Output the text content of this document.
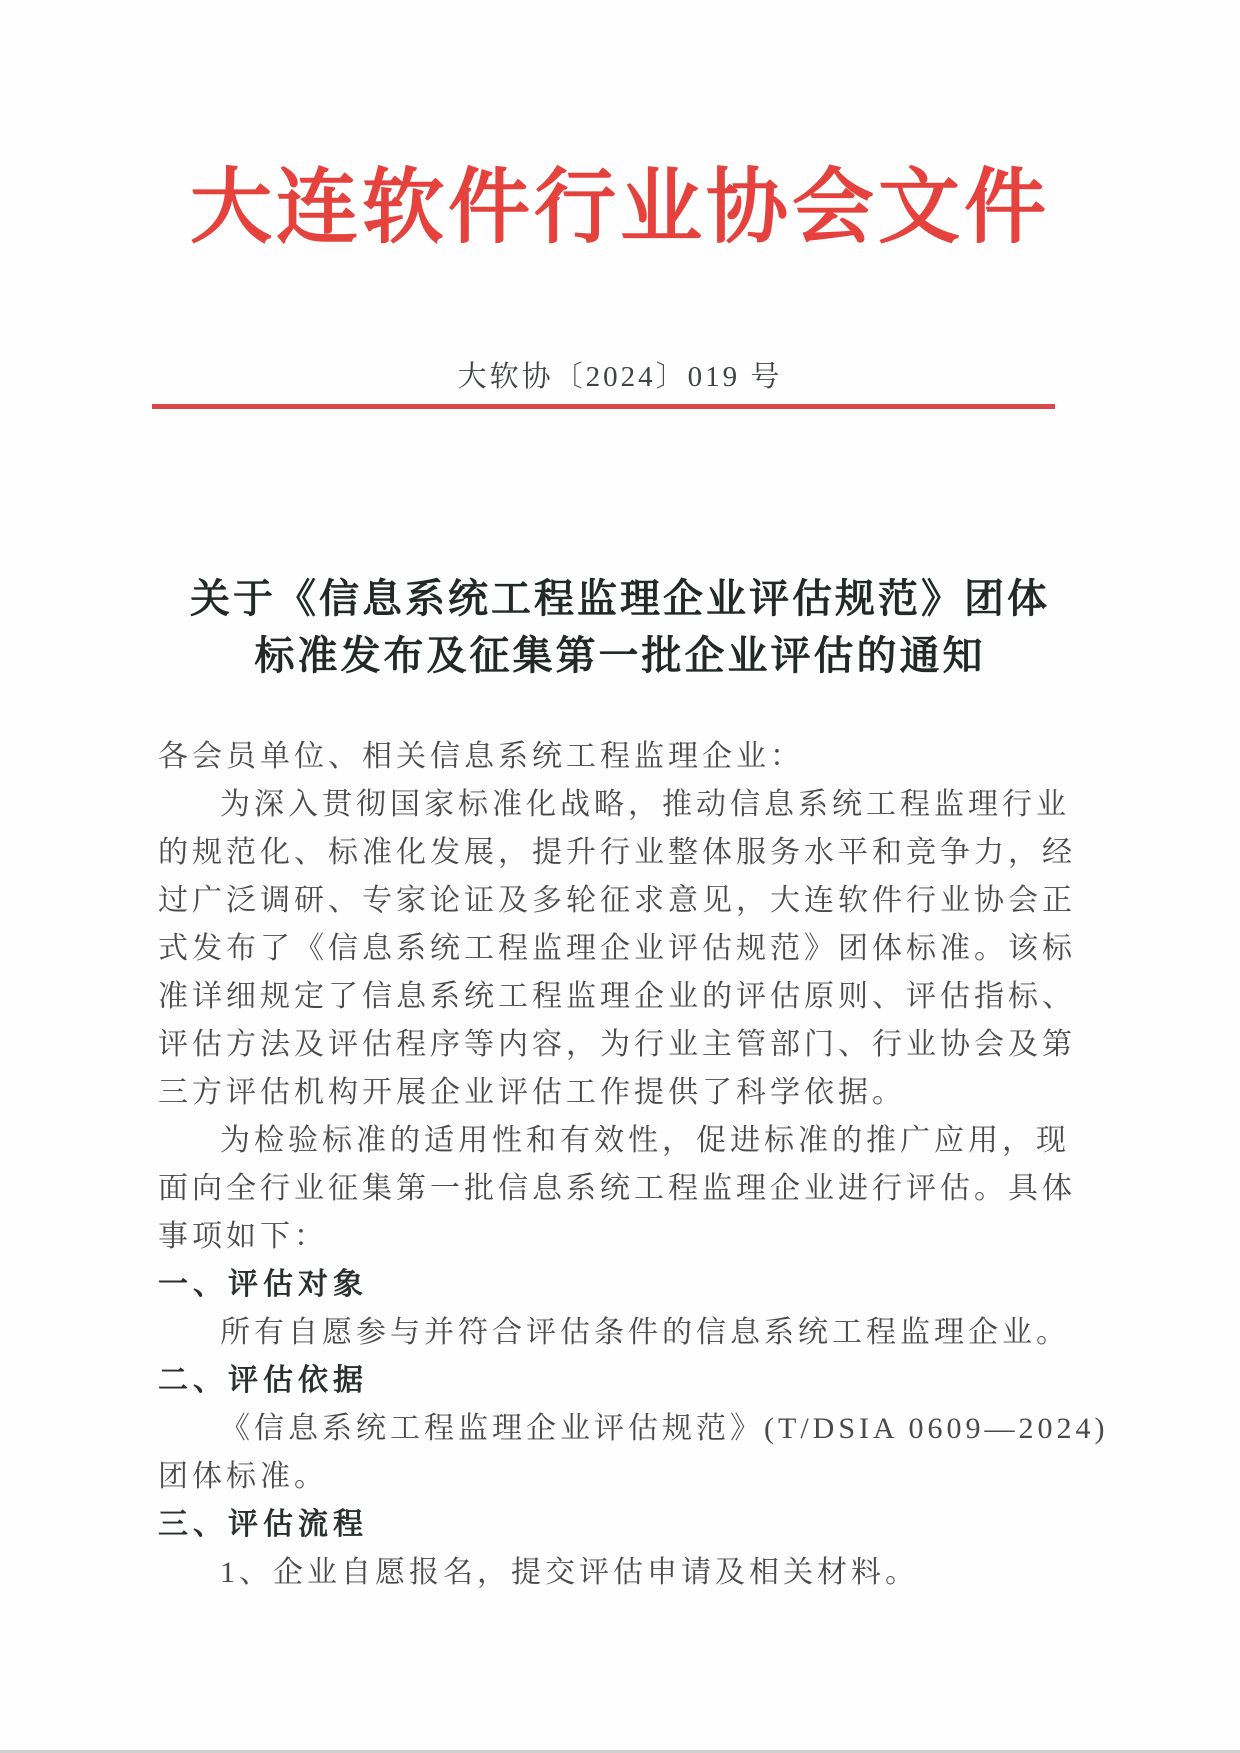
大连软件行业协会文件
大软协〔2024〕019 号
关于《信息系统工程监理企业评估规范》团体
标准发布及征集第一批企业评估的通知
各会员单位、相关信息系统工程监理企业：
为深入贯彻国家标准化战略，推动信息系统工程监理行业
的规范化、标准化发展，提升行业整体服务水平和竞争力，经
过广泛调研、专家论证及多轮征求意见，大连软件行业协会正
式发布了《信息系统工程监理企业评估规范》团体标准。该标
准详细规定了信息系统工程监理企业的评估原则、评估指标、
评估方法及评估程序等内容，为行业主管部门、行业协会及第
三方评估机构开展企业评估工作提供了科学依据。
为检验标准的适用性和有效性，促进标准的推广应用，现
面向全行业征集第一批信息系统工程监理企业进行评估。具体
事项如下：
一、评估对象
所有自愿参与并符合评估条件的信息系统工程监理企业。
二、评估依据
《信息系统工程监理企业评估规范》(T/DSIA 0609—2024)
团体标准。
三、评估流程
1、企业自愿报名，提交评估申请及相关材料。
